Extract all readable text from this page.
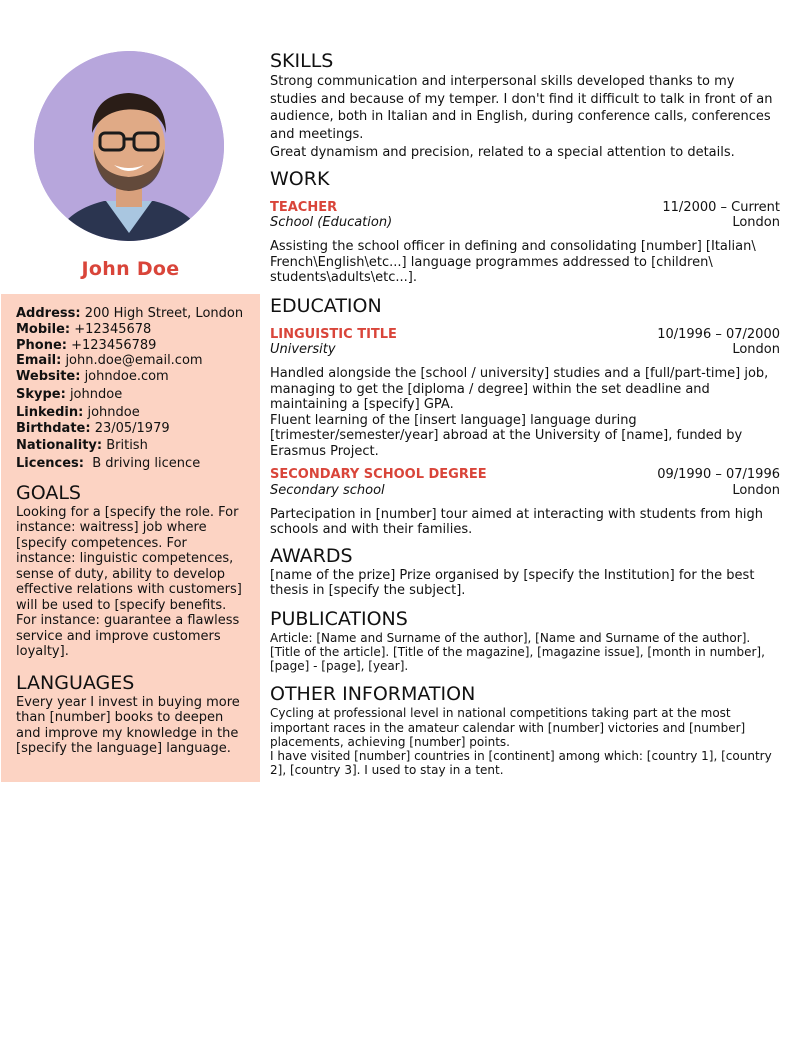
John Doe
Address: 200 High Street, London
Mobile: +12345678
Phone: +123456789
Email: john.doe@email.com
Website: johndoe.com
Skype: johndoe
Linkedin: johndoe
Birthdate: 23/05/1979
Nationality: British
Licences:  B driving licence
GOALS
Looking for a [specify the role. For instance: waitress] job where [specify competences. For instance: linguistic competences, sense of duty, ability to develop effective relations with customers] will be used to [specify benefits. For instance: guarantee a flawless service and improve customers loyalty].
LANGUAGES
Every year I invest in buying more than [number] books to deepen and improve my knowledge in the [specify the language] language.
SKILLS
Strong communication and interpersonal skills developed thanks to my studies and because of my temper. I don't find it difficult to talk in front of an audience, both in Italian and in English, during conference calls, conferences and meetings.
Great dynamism and precision, related to a special attention to details.
WORK
TEACHER	11/2000 – Current
School (Education)	London
Assisting the school officer in defining and consolidating [number] [Italian\ French\English\etc...] language programmes addressed to [children\ students\adults\etc...].
EDUCATION
LINGUISTIC TITLE	10/1996 – 07/2000
University	London
Handled alongside the [school / university] studies and a [full/part-time] job, managing to get the [diploma / degree] within the set deadline and maintaining a [specify] GPA.
Fluent learning of the [insert language] language during [trimester/semester/year] abroad at the University of [name], funded by Erasmus Project.
SECONDARY SCHOOL DEGREE	09/1990 – 07/1996
Secondary school	London
Partecipation in [number] tour aimed at interacting with students from high schools and with their families.
AWARDS
[name of the prize] Prize organised by [specify the Institution] for the best thesis in [specify the subject].
PUBLICATIONS
Article: [Name and Surname of the author], [Name and Surname of the author]. [Title of the article]. [Title of the magazine], [magazine issue], [month in number], [page] - [page], [year].
OTHER INFORMATION
Cycling at professional level in national competitions taking part at the most important races in the amateur calendar with [number] victories and [number] placements, achieving [number] points.
I have visited [number] countries in [continent] among which: [country 1], [country 2], [country 3]. I used to stay in a tent.
